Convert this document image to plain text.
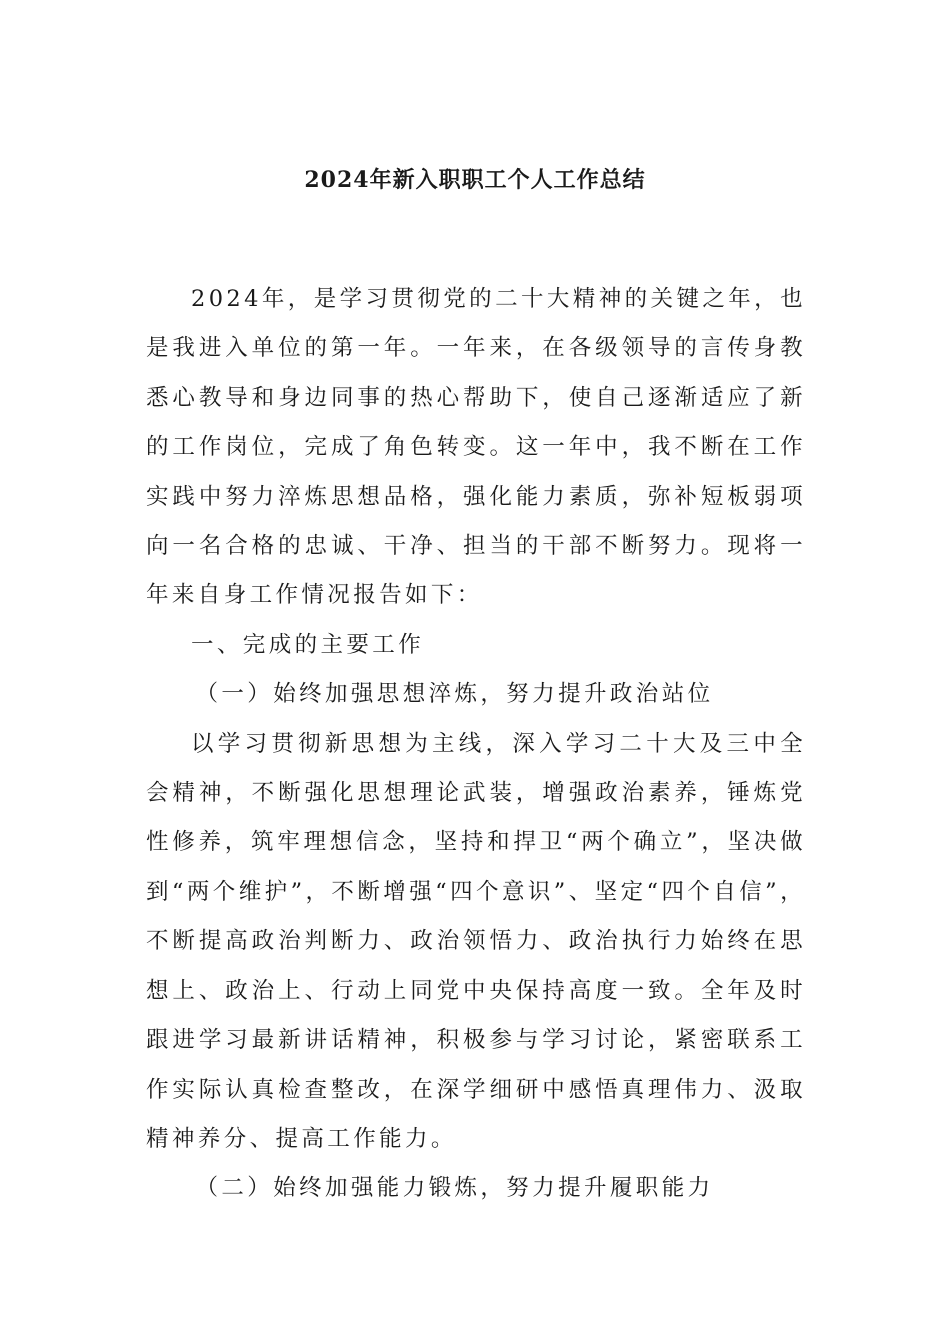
2024年新入职职工个人工作总结

2024年，是学习贯彻党的二十大精神的关键之年，也是我进入单位的第一年。一年来，在各级领导的言传身教悉心教导和身边同事的热心帮助下，使自己逐渐适应了新的工作岗位，完成了角色转变。这一年中，我不断在工作实践中努力淬炼思想品格，强化能力素质，弥补短板弱项向一名合格的忠诚、干净、担当的干部不断努力。现将一年来自身工作情况报告如下：

一、完成的主要工作

（一）始终加强思想淬炼，努力提升政治站位

以学习贯彻新思想为主线，深入学习二十大及三中全会精神，不断强化思想理论武装，增强政治素养，锤炼党性修养，筑牢理想信念，坚持和捍卫“两个确立”，坚决做到“两个维护”，不断增强“四个意识”、坚定“四个自信”，不断提高政治判断力、政治领悟力、政治执行力始终在思想上、政治上、行动上同党中央保持高度一致。全年及时跟进学习最新讲话精神，积极参与学习讨论，紧密联系工作实际认真检查整改，在深学细研中感悟真理伟力、汲取精神养分、提高工作能力。

（二）始终加强能力锻炼，努力提升履职能力
